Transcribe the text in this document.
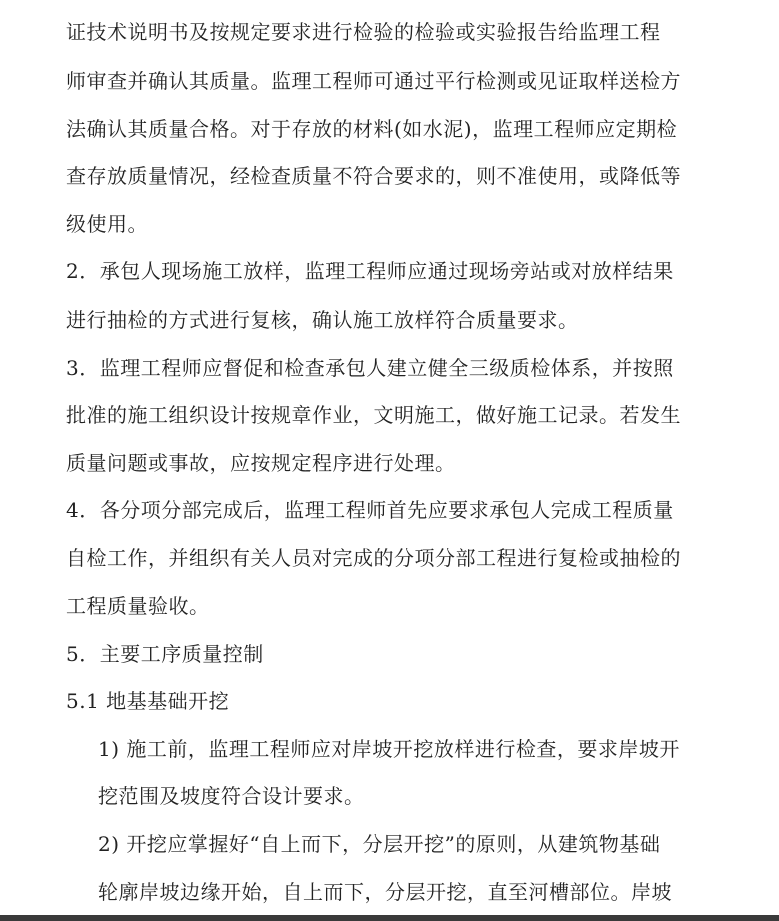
证技术说明书及按规定要求进行检验的检验或实验报告给监理工程
师审查并确认其质量。监理工程师可通过平行检测或见证取样送检方
法确认其质量合格。对于存放的材料(如水泥)，监理工程师应定期检
查存放质量情况，经检查质量不符合要求的，则不准使用，或降低等
级使用。
2．承包人现场施工放样，监理工程师应通过现场旁站或对放样结果
进行抽检的方式进行复核，确认施工放样符合质量要求。
3．监理工程师应督促和检查承包人建立健全三级质检体系，并按照
批准的施工组织设计按规章作业，文明施工，做好施工记录。若发生
质量问题或事故，应按规定程序进行处理。
4．各分项分部完成后，监理工程师首先应要求承包人完成工程质量
自检工作，并组织有关人员对完成的分项分部工程进行复检或抽检的
工程质量验收。
5．主要工序质量控制
5.1 地基基础开挖
1) 施工前，监理工程师应对岸坡开挖放样进行检查，要求岸坡开
挖范围及坡度符合设计要求。
2) 开挖应掌握好“自上而下，分层开挖”的原则，从建筑物基础
轮廓岸坡边缘开始，自上而下，分层开挖，直至河槽部位。岸坡
